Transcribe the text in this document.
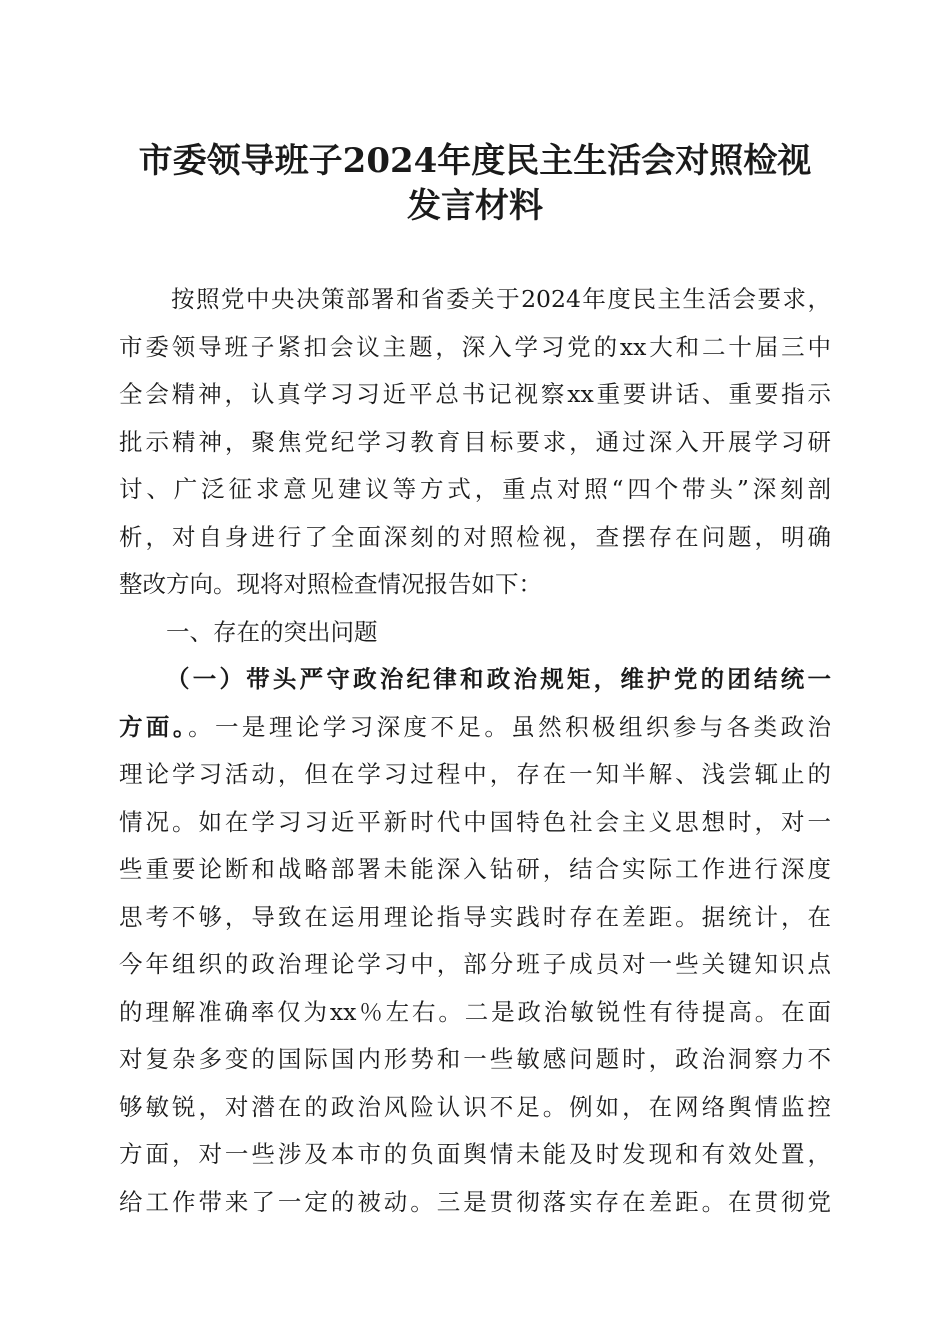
市委领导班子2024年度民主生活会对照检视
发言材料
按照党中央决策部署和省委关于2024年度民主生活会要求，
市委领导班子紧扣会议主题，深入学习党的xx大和二十届三中
全会精神，认真学习习近平总书记视察xx重要讲话、重要指示
批示精神，聚焦党纪学习教育目标要求，通过深入开展学习研
讨、广泛征求意见建议等方式，重点对照“四个带头”深刻剖
析，对自身进行了全面深刻的对照检视，查摆存在问题，明确
整改方向。现将对照检查情况报告如下：
一、存在的突出问题
（一）带头严守政治纪律和政治规矩，维护党的团结统一
方面。。一是理论学习深度不足。虽然积极组织参与各类政治
理论学习活动，但在学习过程中，存在一知半解、浅尝辄止的
情况。如在学习习近平新时代中国特色社会主义思想时，对一
些重要论断和战略部署未能深入钻研，结合实际工作进行深度
思考不够，导致在运用理论指导实践时存在差距。据统计，在
今年组织的政治理论学习中，部分班子成员对一些关键知识点
的理解准确率仅为xx％左右。二是政治敏锐性有待提高。在面
对复杂多变的国际国内形势和一些敏感问题时，政治洞察力不
够敏锐，对潜在的政治风险认识不足。例如，在网络舆情监控
方面，对一些涉及本市的负面舆情未能及时发现和有效处置，
给工作带来了一定的被动。三是贯彻落实存在差距。在贯彻党
